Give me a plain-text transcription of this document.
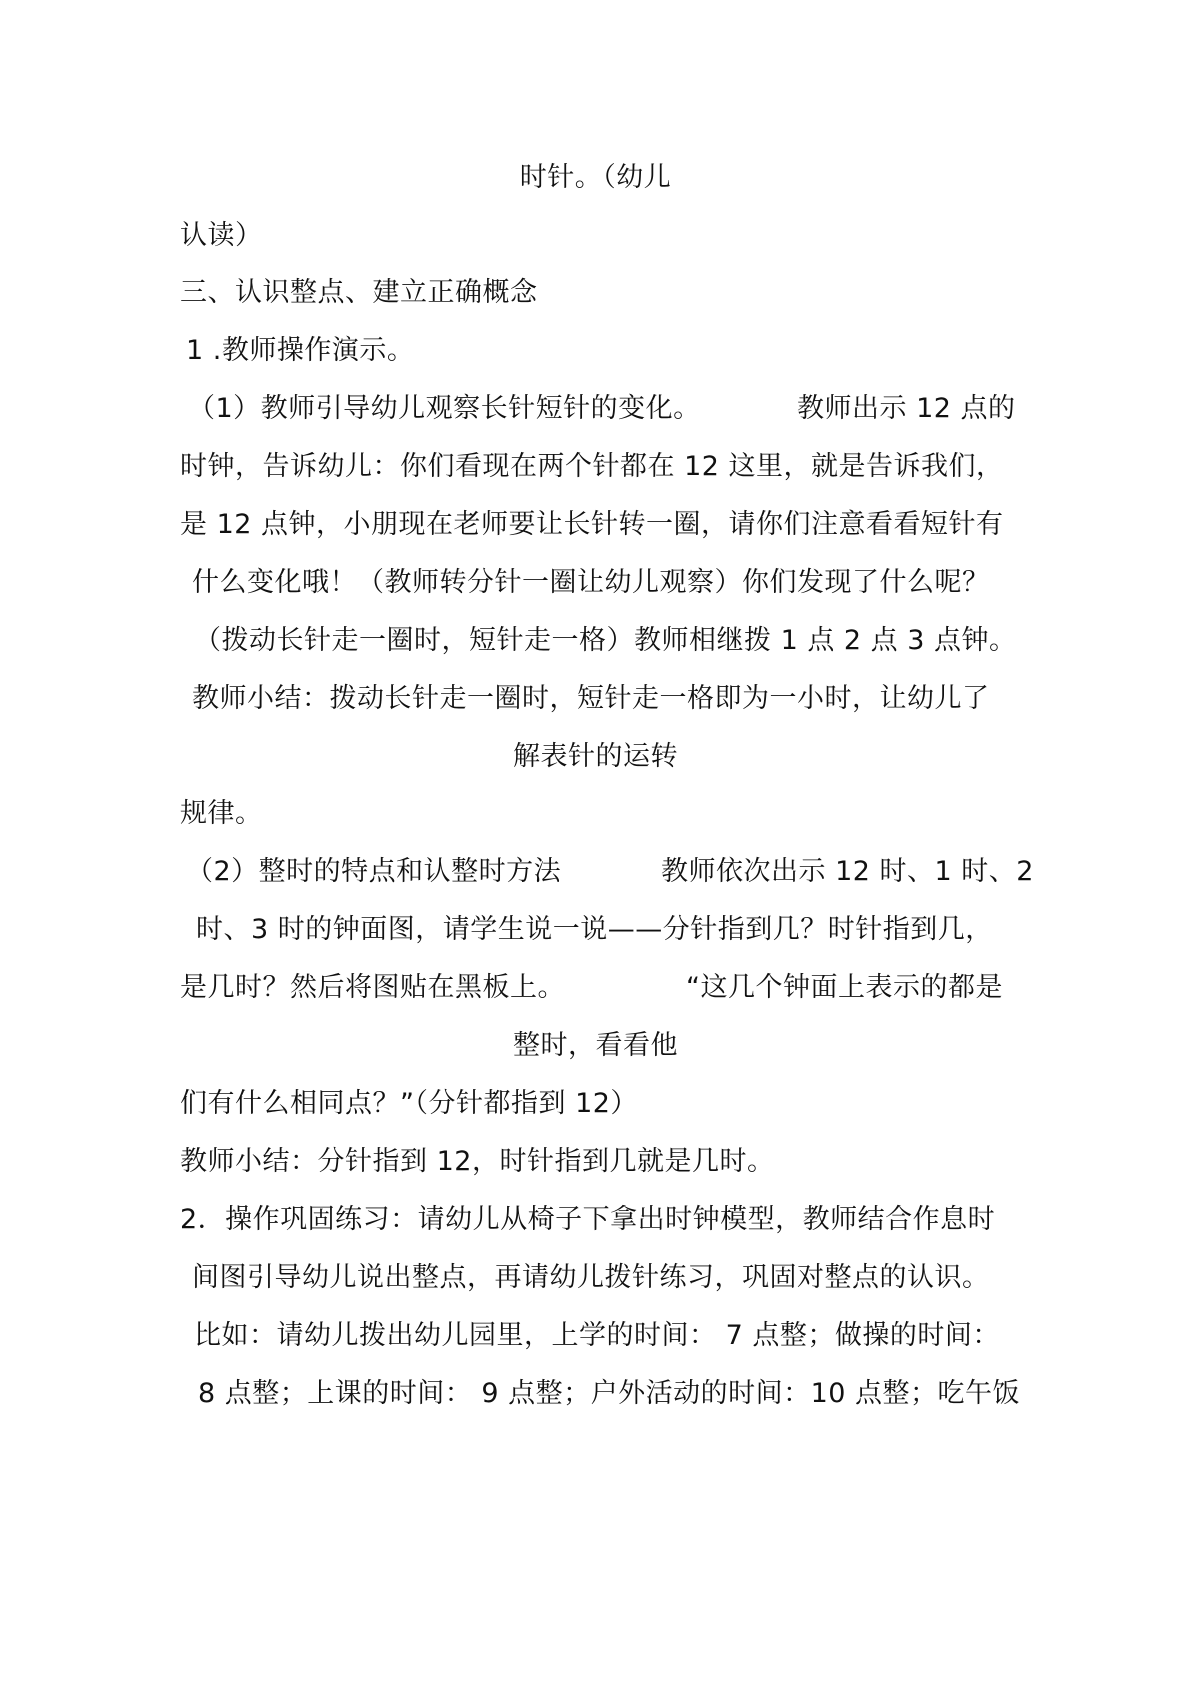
时针。（幼儿
认读）
三、认识整点、建立正确概念
1 .教师操作演示。
（1）教师引导幼儿观察长针短针的变化。	教师出示 12 点的
时钟，告诉幼儿：你们看现在两个针都在 12 这里，就是告诉我们，
是 12 点钟，小朋现在老师要让长针转一圈，请你们注意看看短针有
什么变化哦！（教师转分针一圈让幼儿观察）你们发现了什么呢？
（拨动长针走一圈时，短针走一格）教师相继拨 1 点 2 点 3 点钟。
教师小结：拨动长针走一圈时，短针走一格即为一小时，让幼儿了
解表针的运转
规律。
（2）整时的特点和认整时方法	教师依次出示 12 时、1 时、2
时、3 时的钟面图，请学生说一说——分针指到几？时针指到几，
是几时？然后将图贴在黑板上。	“这几个钟面上表示的都是
整时，看看他
们有什么相同点？”（分针都指到 12）
教师小结：分针指到 12，时针指到几就是几时。
2．操作巩固练习：请幼儿从椅子下拿出时钟模型，教师结合作息时
间图引导幼儿说出整点，再请幼儿拨针练习，巩固对整点的认识。
比如：请幼儿拨出幼儿园里，上学的时间： 7 点整；做操的时间：
8 点整；上课的时间： 9 点整；户外活动的时间：10 点整；吃午饭
